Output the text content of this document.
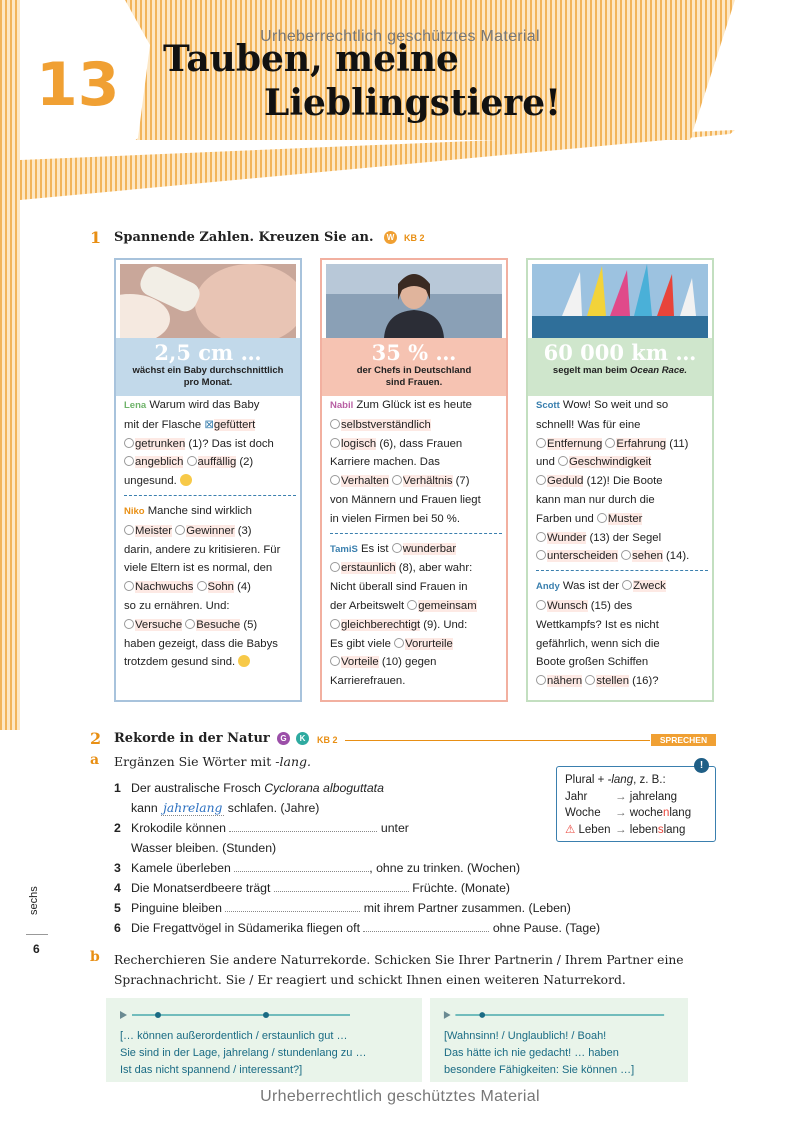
13 Tauben, meine
Lieblingstiere!
Urheberrechtlich geschütztes Material
1 Spannende Zahlen. Kreuzen Sie an.	W	KB 2
2,5 cm …
wächst ein Baby durchschnittlich
pro Monat.
Lena Warum wird das Baby
mit der Flasche ⊠gefüttert
getrunken (1)? Das ist doch
angeblich auffällig (2)
ungesund.
Niko Manche sind wirklich
Meister Gewinner (3)
darin, andere zu kritisieren. Für
viele Eltern ist es normal, den
Nachwuchs Sohn (4)
so zu ernähren. Und:
Versuche Besuche (5)
haben gezeigt, dass die Babys
trotzdem gesund sind.
35 % …
der Chefs in Deutschland
sind Frauen.
Nabil Zum Glück ist es heute
selbstverständlich
logisch (6), dass Frauen
Karriere machen. Das
Verhalten Verhältnis (7)
von Männern und Frauen liegt
in vielen Firmen bei 50 %.
TamiS Es ist wunderbar
erstaunlich (8), aber wahr:
Nicht überall sind Frauen in
der Arbeitswelt gemeinsam
gleichberechtigt (9). Und:
Es gibt viele Vorurteile
Vorteile (10) gegen
Karrierefrauen.
60 000 km …
segelt man beim Ocean Race.
Scott Wow! So weit und so
schnell! Was für eine
Entfernung Erfahrung (11)
und Geschwindigkeit
Geduld (12)! Die Boote
kann man nur durch die
Farben und Muster
Wunder (13) der Segel
unterscheiden sehen (14).
Andy Was ist der Zweck
Wunsch (15) des
Wettkampfs? Ist es nicht
gefährlich, wenn sich die
Boote großen Schiffen
nähern stellen (16)?
2 Rekorde in der Natur	G	K	KB 2	SPRECHEN
a Ergänzen Sie Wörter mit -lang.
1 Der australische Frosch Cyclorana alboguttata
kann jahrelang schlafen. (Jahre)
2 Krokodile können	unter
Wasser bleiben. (Stunden)
3 Kamele überleben	, ohne zu trinken. (Wochen)
4 Die Monatserdbeere trägt	Früchte. (Monate)
5 Pinguine bleiben	mit ihrem Partner zusammen. (Leben)
6 Die Fregattvögel in Südamerika fliegen oft	ohne Pause. (Tage)
!
Plural + -lang, z. B.:
Jahr → jahrelang
Woche → wochenlang
⚠ Leben → lebenslang
b Recherchieren Sie andere Naturrekorde. Schicken Sie Ihrer Partnerin / Ihrem Partner eine
Sprachnachricht. Sie / Er reagiert und schickt Ihnen einen weiteren Naturrekord.
[… können außerordentlich / erstaunlich gut …
Sie sind in der Lage, jahrelang / stundenlang zu …
Ist das nicht spannend / interessant?]
[Wahnsinn! / Unglaublich! / Boah!
Das hätte ich nie gedacht! … haben
besondere Fähigkeiten: Sie können …]
sechs
6
Urheberrechtlich geschütztes Material
